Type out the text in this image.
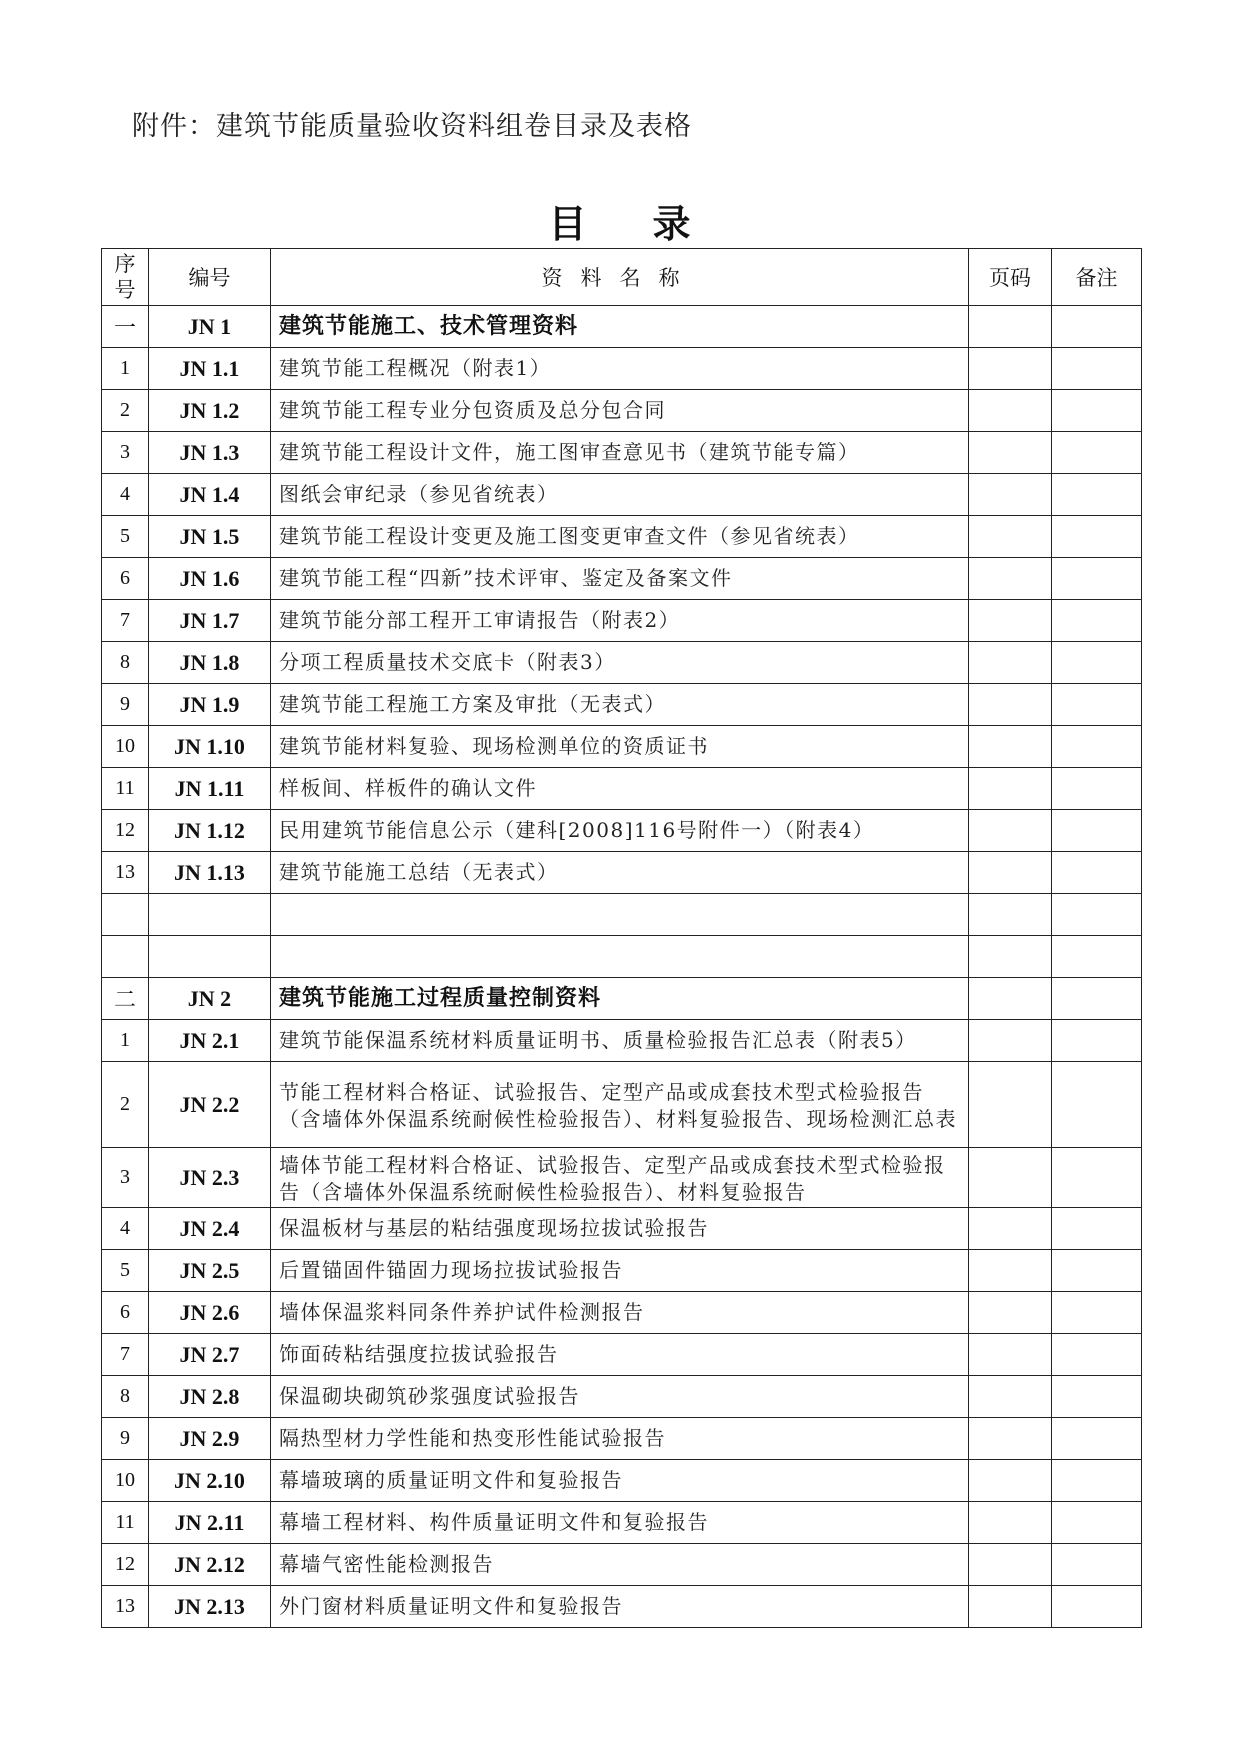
附件：建筑节能质量验收资料组卷目录及表格
目 录
序
号	编号	资料名称	页码	备注
一	JN 1	建筑节能施工、技术管理资料		
1	JN 1.1	建筑节能工程概况（附表1）		
2	JN 1.2	建筑节能工程专业分包资质及总分包合同		
3	JN 1.3	建筑节能工程设计文件，施工图审查意见书（建筑节能专篇）		
4	JN 1.4	图纸会审纪录（参见省统表）		
5	JN 1.5	建筑节能工程设计变更及施工图变更审查文件（参见省统表）		
6	JN 1.6	建筑节能工程“四新”技术评审、鉴定及备案文件		
7	JN 1.7	建筑节能分部工程开工审请报告（附表2）		
8	JN 1.8	分项工程质量技术交底卡（附表3）		
9	JN 1.9	建筑节能工程施工方案及审批（无表式）		
10	JN 1.10	建筑节能材料复验、现场检测单位的资质证书		
11	JN 1.11	样板间、样板件的确认文件		
12	JN 1.12	民用建筑节能信息公示（建科[2008]116号附件一）（附表4）		
13	JN 1.13	建筑节能施工总结（无表式）		

二	JN 2	建筑节能施工过程质量控制资料		
1	JN 2.1	建筑节能保温系统材料质量证明书、质量检验报告汇总表（附表5）		
2	JN 2.2	节能工程材料合格证、试验报告、定型产品或成套技术型式检验报告（含墙体外保温系统耐候性检验报告）、材料复验报告、现场检测汇总表		
3	JN 2.3	墙体节能工程材料合格证、试验报告、定型产品或成套技术型式检验报告（含墙体外保温系统耐候性检验报告）、材料复验报告		
4	JN 2.4	保温板材与基层的粘结强度现场拉拔试验报告		
5	JN 2.5	后置锚固件锚固力现场拉拔试验报告		
6	JN 2.6	墙体保温浆料同条件养护试件检测报告		
7	JN 2.7	饰面砖粘结强度拉拔试验报告		
8	JN 2.8	保温砌块砌筑砂浆强度试验报告		
9	JN 2.9	隔热型材力学性能和热变形性能试验报告		
10	JN 2.10	幕墙玻璃的质量证明文件和复验报告		
11	JN 2.11	幕墙工程材料、构件质量证明文件和复验报告		
12	JN 2.12	幕墙气密性能检测报告		
13	JN 2.13	外门窗材料质量证明文件和复验报告		
